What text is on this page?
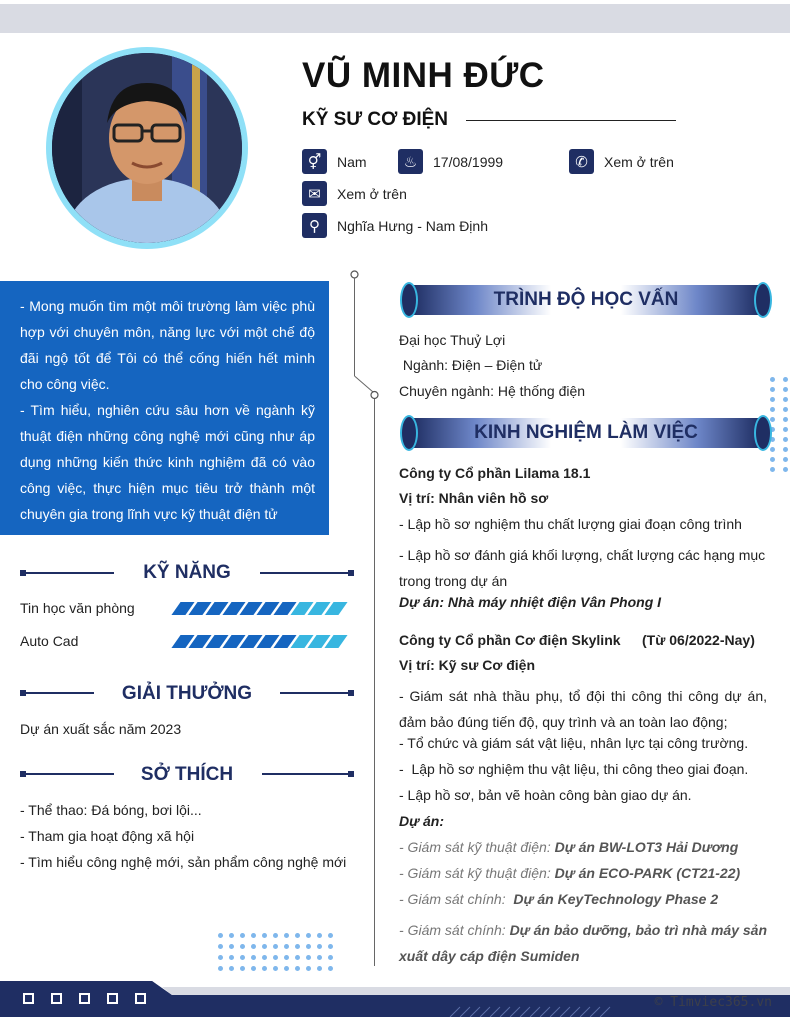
VŨ MINH ĐỨC
KỸ SƯ CƠ ĐIỆN
⚥	Nam	♨	17/08/1999	✆	Xem ở trên
✉	Xem ở trên
⚲	Nghĩa Hưng - Nam Định

- Mong muốn tìm một môi trường làm việc phù hợp với chuyên môn, năng lực với một chế độ đãi ngộ tốt để Tôi có thể cống hiến hết mình cho công việc.

- Tìm hiểu, nghiên cứu sâu hơn về ngành kỹ thuật điện những công nghệ mới cũng như áp dụng những kiến thức kinh nghiệm đã có vào công việc, thực hiện mục tiêu trở thành một chuyên gia trong lĩnh vực kỹ thuật điện tử

KỸ NĂNG
Tin học văn phòng
Auto Cad
GIẢI THƯỞNG
Dự án xuất sắc năm 2023
SỞ THÍCH
- Thể thao: Đá bóng, bơi lội...
- Tham gia hoạt động xã hội
- Tìm hiểu công nghệ mới, sản phẩm công nghệ mới
TRÌNH ĐỘ HỌC VẤN
Đại học Thuỷ Lợi
Ngành: Điện – Điện tử
Chuyên ngành: Hệ thống điện
KINH NGHIỆM LÀM VIỆC
Công ty Cổ phần Lilama 18.1
Vị trí: Nhân viên hồ sơ
- Lập hồ sơ nghiệm thu chất lượng giai đoạn công trình
- Lập hồ sơ đánh giá khối lượng, chất lượng các hạng mục trong trong dự án
Dự án: Nhà máy nhiệt điện Vân Phong I
Công ty Cổ phần Cơ điện Skylink (Từ 06/2022-Nay)
Vị trí: Kỹ sư Cơ điện
- Giám sát nhà thầu phụ, tổ đội thi công thi công dự án, đảm bảo đúng tiến độ, quy trình và an toàn lao động;
- Tổ chức và giám sát vật liệu, nhân lực tại công trường.
-  Lập hồ sơ nghiệm thu vật liệu, thi công theo giai đoạn.
- Lập hồ sơ, bản vẽ hoàn công bàn giao dự án.
Dự án:
- Giám sát kỹ thuật điện: Dự án BW-LOT3 Hải Dương
- Giám sát kỹ thuật điện: Dự án ECO-PARK (CT21-22)
- Giám sát chính:  Dự án KeyTechnology Phase 2
- Giám sát chính: Dự án bảo dưỡng, bảo trì nhà máy sản xuất dây cáp điện Sumiden
© Timviec365.vn
